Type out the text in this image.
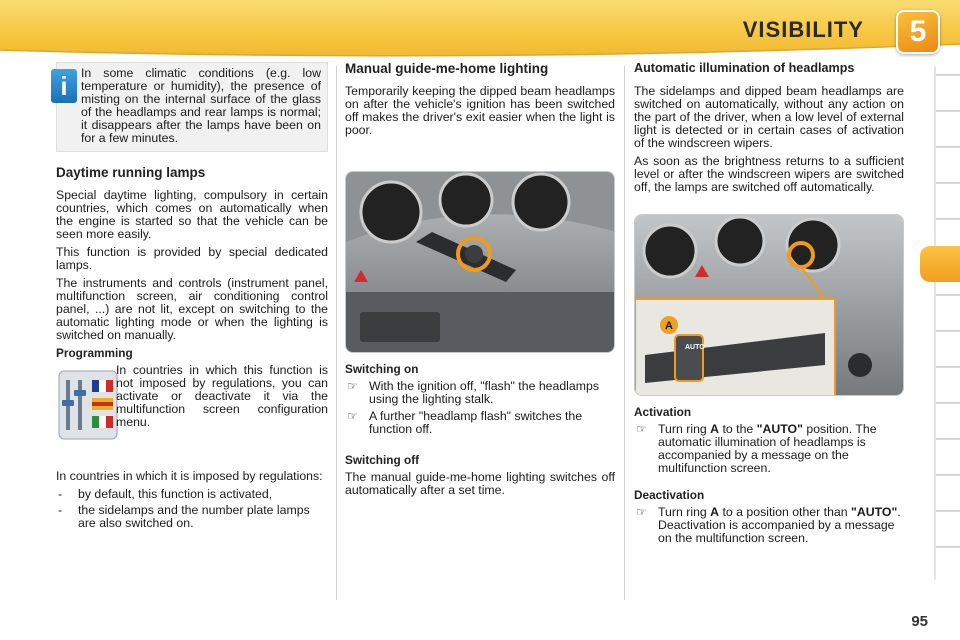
VISIBILITY	5
i	In some climatic conditions (e.g. low temperature or humidity), the presence of misting on the internal surface of the glass of the headlamps and rear lamps is normal; it disappears after the lamps have been on for a few minutes.

Daytime running lamps

Special daytime lighting, compulsory in certain countries, which comes on automatically when the engine is started so that the vehicle can be seen more easily.

This function is provided by special dedicated lamps.

The instruments and controls (instrument panel, multifunction screen, air conditioning control panel, ...) are not lit, except on switching to the automatic lighting mode or when the lighting is switched on manually.

Programming

In countries in which this function is not imposed by regulations, you can activate or deactivate it via the multifunction screen configuration menu.

In countries in which it is imposed by regulations:

- by default, this function is activated,
- the sidelamps and the number plate lamps are also switched on.
Manual guide-me-home lighting

Temporarily keeping the dipped beam headlamps on after the vehicle's ignition has been switched off makes the driver's exit easier when the light is poor.

Switching on
☞ With the ignition off, "flash" the headlamps using the lighting stalk.
☞ A further "headlamp flash" switches the function off.
Switching off

The manual guide-me-home lighting switches off automatically after a set time.

Automatic illumination of headlamps

The sidelamps and dipped beam headlamps are switched on automatically, without any action on the part of the driver, when a low level of external light is detected or in certain cases of activation of the windscreen wipers.

As soon as the brightness returns to a sufficient level or after the windscreen wipers are switched off, the lamps are switched off automatically.

A
AUTO
Activation
☞ Turn ring A to the "AUTO" position. The automatic illumination of headlamps is accompanied by a message on the multifunction screen.
Deactivation
☞ Turn ring A to a position other than "AUTO". Deactivation is accompanied by a message on the multifunction screen.
95
